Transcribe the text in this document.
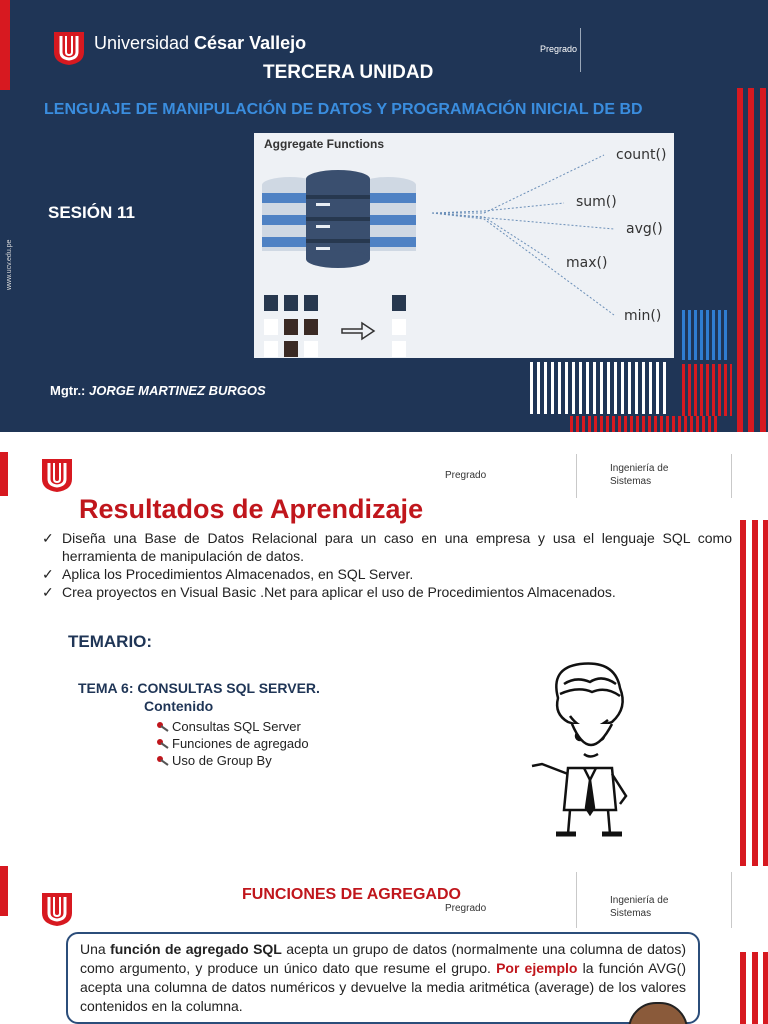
Universidad César Vallejo	Pregrado
TERCERA UNIDAD
LENGUAJE DE MANIPULACIÓN DE DATOS Y PROGRAMACIÓN INICIAL DE BD
SESIÓN 11
Mgtr.: JORGE MARTINEZ BURGOS
www.ucv.edu.pe
Aggregate Functions
count()
sum()
avg()
max()
min()
Pregrado
Ingeniería de Sistemas
Resultados de Aprendizaje
✓ Diseña una Base de Datos Relacional para un caso en una empresa y usa el lenguaje SQL como herramienta de manipulación de datos.
✓ Aplica los Procedimientos Almacenados, en SQL Server.
✓ Crea proyectos en Visual Basic .Net para aplicar el uso de Procedimientos Almacenados.
TEMARIO:
TEMA 6: CONSULTAS SQL SERVER.
Contenido
Consultas SQL Server
Funciones de agregado
Uso de Group By
FUNCIONES DE AGREGADO
Pregrado
Ingeniería de Sistemas
Una función de agregado SQL acepta un grupo de datos (normalmente una columna de datos) como argumento, y produce un único dato que resume el grupo. Por ejemplo la función AVG() acepta una columna de datos numéricos y devuelve la media aritmética (average) de los valores contenidos en la columna.
